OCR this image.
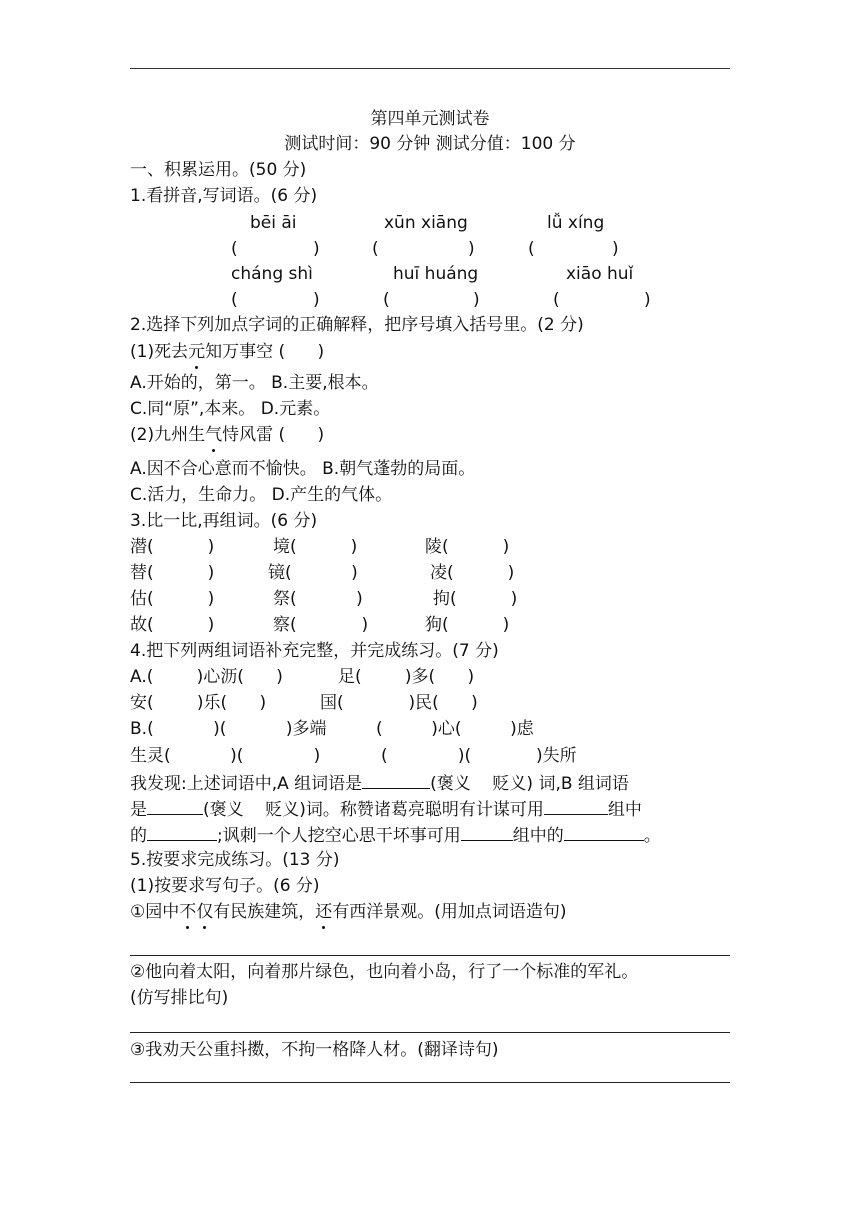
第四单元测试卷
测试时间：90 分钟 测试分值：100 分
一、积累运用。(50 分)
1.看拼音,写词语。(6 分)
bēi āi	xūn xiāng	lǚ xíng
(	)	(	)	(	)
cháng shì	huī huáng	xiāo huǐ
(	)	(	)	(	)
2.选择下列加点字词的正确解释，把序号填入括号里。(2 分)
(1)死去元知万事空 (      )
A.开始的，第一。 B.主要,根本。
C.同“原”,本来。 D.元素。
(2)九州生气恃风雷 (      )
A.因不合心意而不愉快。 B.朝气蓬勃的局面。
C.活力，生命力。 D.产生的气体。
3.比一比,再组词。(6 分)
潜(          )	境(          )	陵(          )
替(          )	镜(           )	凌(          )
估(          )	祭(           )	拘(          )
故(          )	察(            )	狗(          )
4.把下列两组词语补充完整，并完成练习。(7 分)
A.(        )心沥(      )	足(        )多(      )
安(        )乐(      )	国(            )民(      )
B.(           )(           )多端	(         )心(         )虑
生灵(           )(             )	(             )(            )失所
我发现:上述词语中,A 组词语是	(褒义    贬义) 词,B 组词语
是	(褒义    贬义)词。称赞诸葛亮聪明有计谋可用	组中
的	;讽刺一个人挖空心思干坏事可用	组中的	。
5.按要求完成练习。(13 分)
(1)按要求写句子。(6 分)
①园中不仅有民族建筑，还有西洋景观。(用加点词语造句)
②他向着太阳，向着那片绿色，也向着小岛，行了一个标准的军礼。
(仿写排比句)
③我劝天公重抖擞，不拘一格降人材。(翻译诗句)
